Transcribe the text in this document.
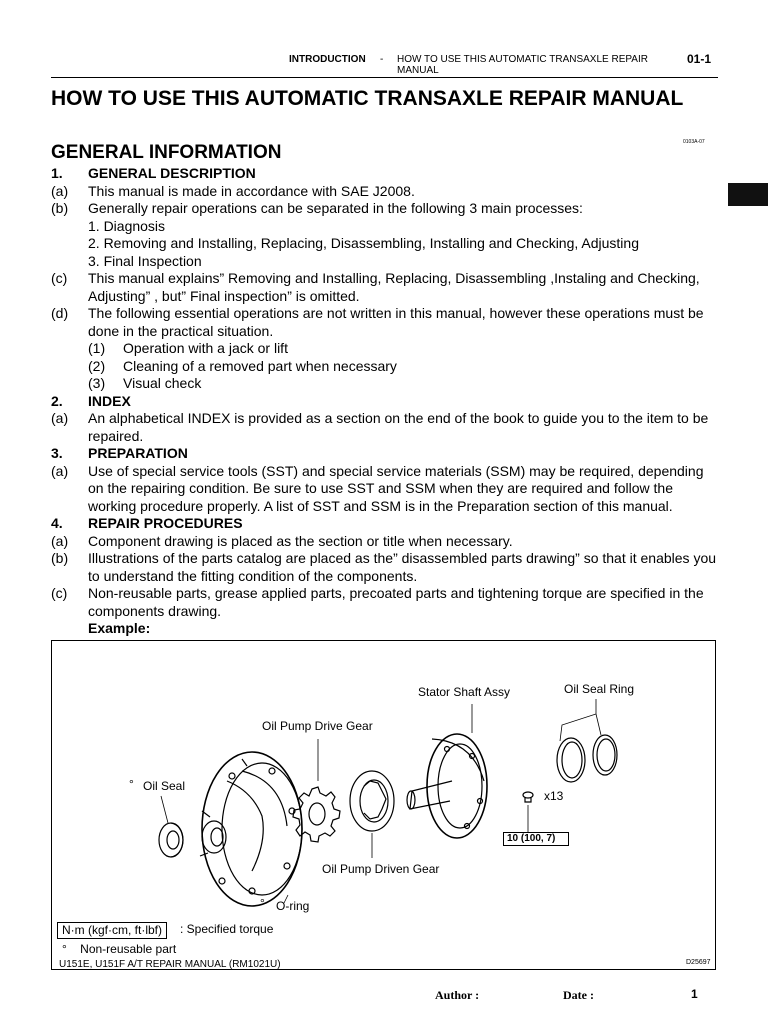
INTRODUCTION - HOW TO USE THIS AUTOMATIC TRANSAXLE REPAIR MANUAL
01-1
HOW TO USE THIS AUTOMATIC TRANSAXLE REPAIR MANUAL
0103A-07
GENERAL INFORMATION
1. GENERAL DESCRIPTION
(a) This manual is made in accordance with SAE J2008.
(b) Generally repair operations can be separated in the following 3 main processes:
1. Diagnosis
2. Removing and Installing, Replacing, Disassembling, Installing and Checking, Adjusting
3. Final Inspection
(c) This manual explains” Removing and Installing, Replacing, Disassembling ,Instaling and Checking, Adjusting” , but” Final inspection” is omitted.
(d) The following essential operations are not written in this manual, however these operations must be done in the practical situation.
(1) Operation with a jack or lift
(2) Cleaning of a removed part when necessary
(3) Visual check
2. INDEX
(a) An alphabetical INDEX is provided as a section on the end of the book to guide you to the item to be repaired.
3. PREPARATION
(a) Use of special service tools (SST) and special service materials (SSM) may be required, depending on the repairing condition. Be sure to use SST and SSM when they are required and follow the working procedure properly. A list of SST and SSM is in the Preparation section of this manual.
4. REPAIR PROCEDURES
(a) Component drawing is placed as the section or title when necessary.
(b) Illustrations of the parts catalog are placed as the” disassembled parts drawing” so that it enables you to understand the fitting condition of the components.
(c) Non-reusable parts, grease applied parts, precoated parts and tightening torque are specified in the components drawing.
Example:
Stator Shaft Assy	Oil Seal Ring
Oil Pump Drive Gear
° Oil Seal
x13
10 (100, 7)
Oil Pump Driven Gear
° O-ring
N·m (kgf·cm, ft·lbf)	: Specified torque
° Non-reusable part
U151E, U151F A/T REPAIR MANUAL (RM1021U)	D25697
Author :	Date :	1
